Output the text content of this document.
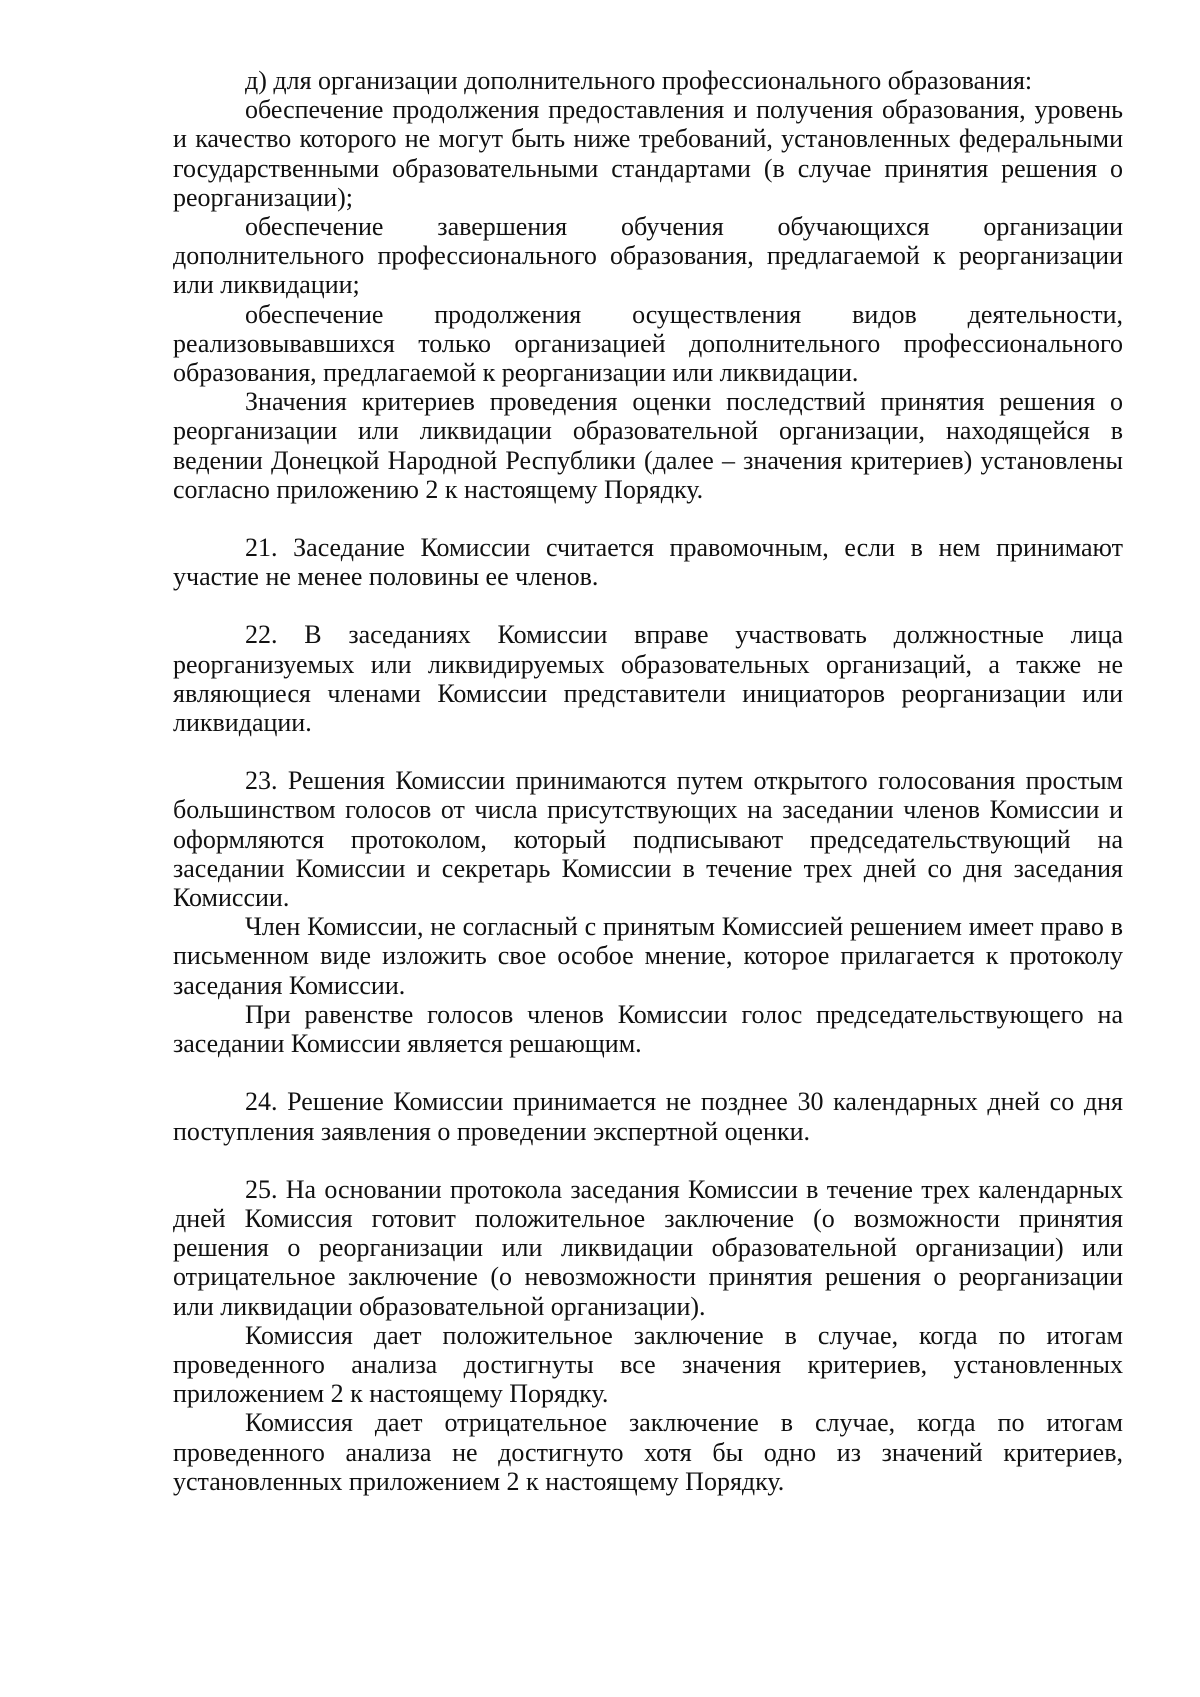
д) для организации дополнительного профессионального образования:

обеспечение продолжения предоставления и получения образования, уровень и качество которого не могут быть ниже требований, установленных федеральными государственными образовательными стандартами (в случае принятия решения о реорганизации);

обеспечение завершения обучения обучающихся организации дополнительного профессионального образования, предлагаемой к реорганизации или ликвидации;

обеспечение продолжения осуществления видов деятельности, реализовывавшихся только организацией дополнительного профессионального образования, предлагаемой к реорганизации или ликвидации.

Значения критериев проведения оценки последствий принятия решения о реорганизации или ликвидации образовательной организации, находящейся в ведении Донецкой Народной Республики (далее – значения критериев) установлены согласно приложению 2 к настоящему Порядку.

21. Заседание Комиссии считается правомочным, если в нем принимают участие не менее половины ее членов.

22. В заседаниях Комиссии вправе участвовать должностные лица реорганизуемых или ликвидируемых образовательных организаций, а также не являющиеся членами Комиссии представители инициаторов реорганизации или ликвидации.

23. Решения Комиссии принимаются путем открытого голосования простым большинством голосов от числа присутствующих на заседании членов Комиссии и оформляются протоколом, который подписывают председательствующий на заседании Комиссии и секретарь Комиссии в течение трех дней со дня заседания Комиссии.

Член Комиссии, не согласный с принятым Комиссией решением имеет право в письменном виде изложить свое особое мнение, которое прилагается к протоколу заседания Комиссии.

При равенстве голосов членов Комиссии голос председательствующего на заседании Комиссии является решающим.

24. Решение Комиссии принимается не позднее 30 календарных дней со дня поступления заявления о проведении экспертной оценки.

25. На основании протокола заседания Комиссии в течение трех календарных дней Комиссия готовит положительное заключение (о возможности принятия решения о реорганизации или ликвидации образовательной организации) или отрицательное заключение (о невозможности принятия решения о реорганизации или ликвидации образовательной организации).

Комиссия дает положительное заключение в случае, когда по итогам проведенного анализа достигнуты все значения критериев, установленных приложением 2 к настоящему Порядку.

Комиссия дает отрицательное заключение в случае, когда по итогам проведенного анализа не достигнуто хотя бы одно из значений критериев, установленных приложением 2 к настоящему Порядку.
